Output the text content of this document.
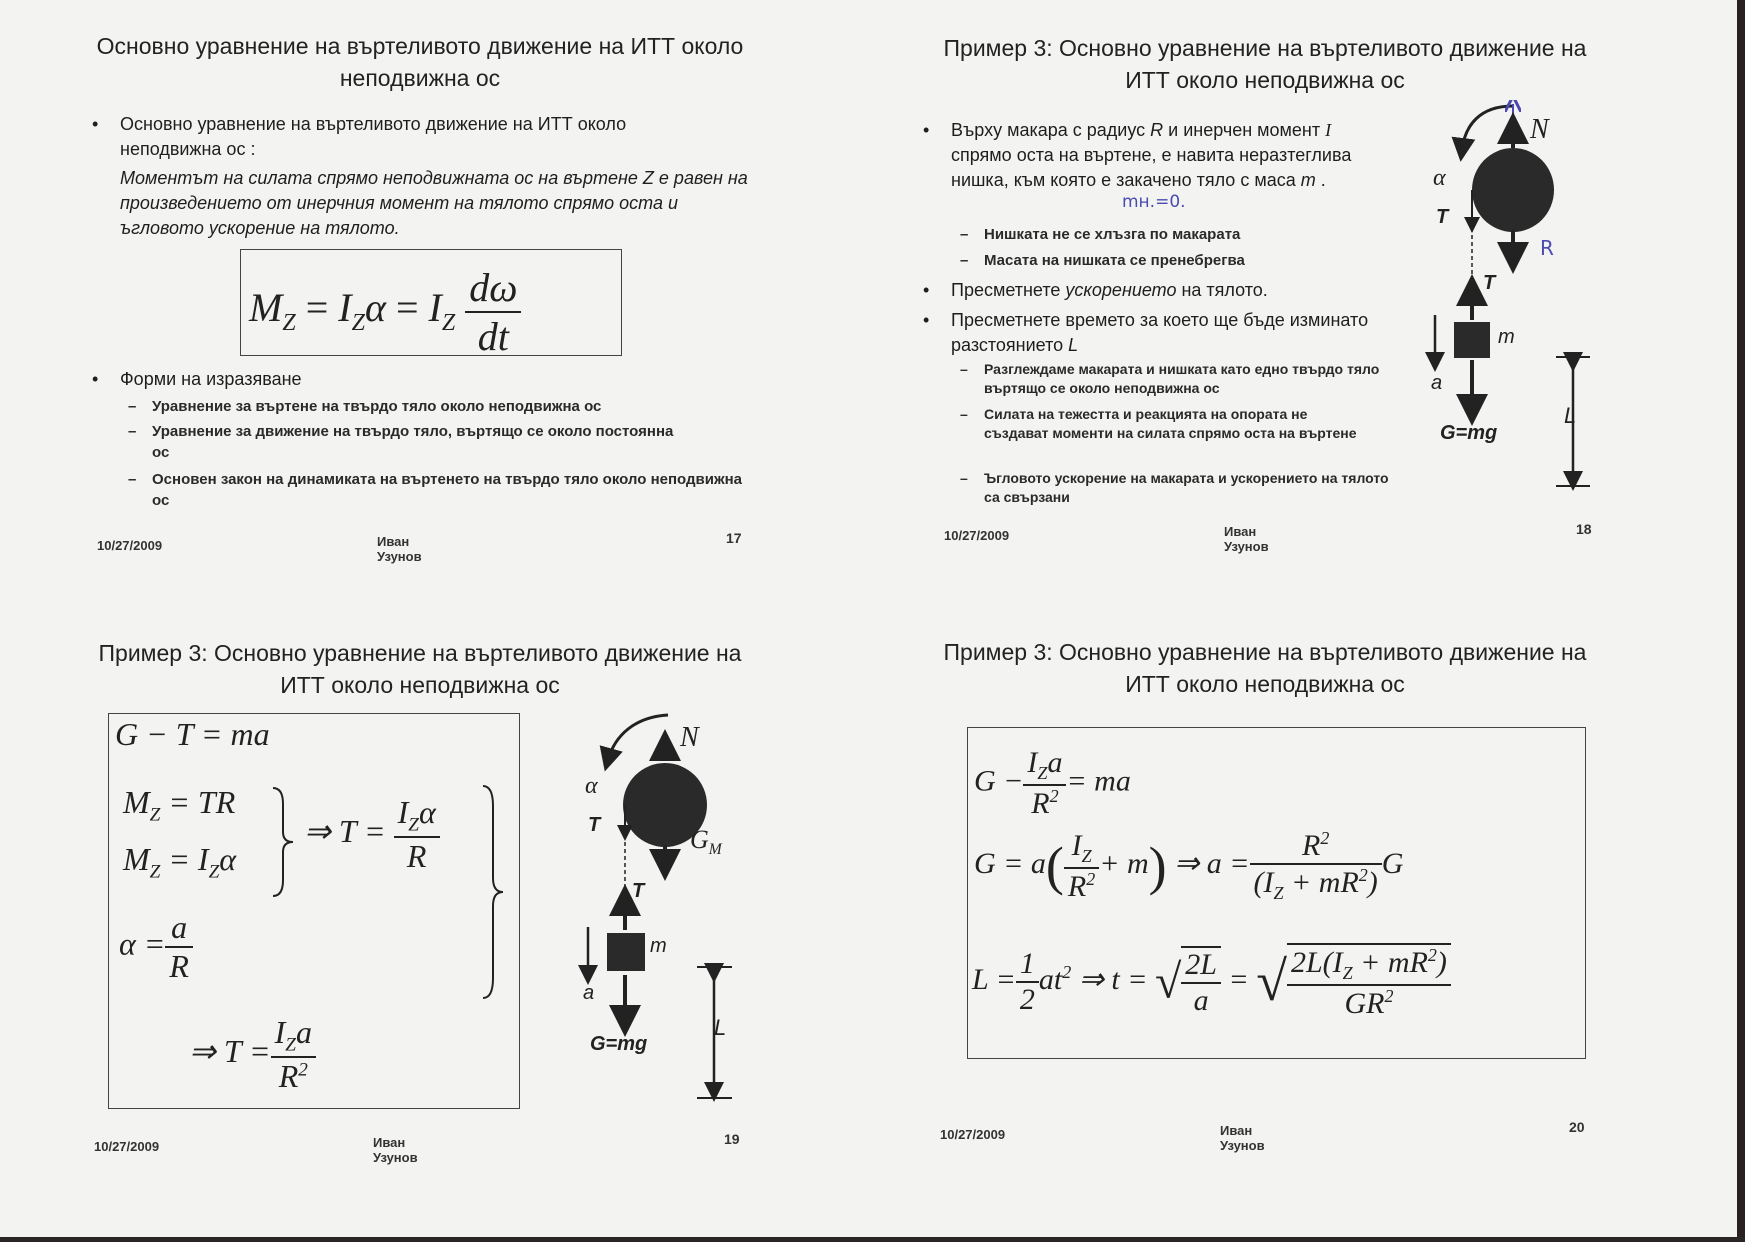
Основно уравнение на въртеливото движение на ИТТ около неподвижна ос
• Основно уравнение на въртеливото движение на ИТТ около неподвижна ос :
Моментът на силата спрямо неподвижната ос на въртене Z е равен на произведението от инерчния момент на тялото спрямо оста и ъгловото ускорение на тялото.
$M_Z = I_Z\alpha = I_Z \frac{d\omega}{dt}$
• Форми на изразяване
– Уравнение за въртене на твърдо тяло около неподвижна ос
– Уравнение за движение на твърдо тяло, въртящо се около постоянна ос
– Основен закон на динамиката на въртенето на твърдо тяло около неподвижна ос
10/27/2009	Иван Узунов
17
Пример 3: Основно уравнение на въртеливото движение на ИТТ около неподвижна ос
• Върху макара с радиус R и инерчен момент I спрямо оста на въртене, е навита неразтеглива нишка, към която е закачено тяло с маса m .
mн.=0.
– Нишката не се хлъзга по макарата
– Масата на нишката се пренебрегва
• Пресметнете ускорението на тялото.
• Пресметнете времето за което ще бъде изминато разстоянието L
– Разглеждаме макарата и нишката като едно твърдо тяло въртящо се около неподвижна ос
– Силата на тежестта и реакцията на опората не създават моменти на силата спрямо оста на въртене
– Ъгловото ускорение на макарата и ускорението на тялото са свързани
N
α
T
R
T
m
a
G=mg
L
10/27/2009	Иван Узунов
18
Пример 3: Основно уравнение на въртеливото движение на ИТТ около неподвижна ос
G − T = ma
$M_Z$ = TR
$M_Z = I_Z\alpha$
⇒ $T = \frac{I_Z\alpha}{R}$
$\alpha = \frac{a}{R}$
⇒ $T = \frac{I_Za}{R^2}$
N
α
T	$G_M$
T
m
a
G=mg
L
10/27/2009	Иван Узунов
19
Пример 3: Основно уравнение на въртеливото движение на ИТТ около неподвижна ос
$G - \frac{I_Za}{R^2}$ = ma
$G = a( \frac{I_Z}{R^2} + m)$ ⇒ $a = \frac{R^2}{(I_Z + mR^2)}$ G
$L = \frac{1}{2} at^2$ ⇒ t = √ $\frac{2L}{a}$ = √ $\frac{2L(I_Z + mR^2)}{GR^2}$
10/27/2009	Иван Узунов
20
